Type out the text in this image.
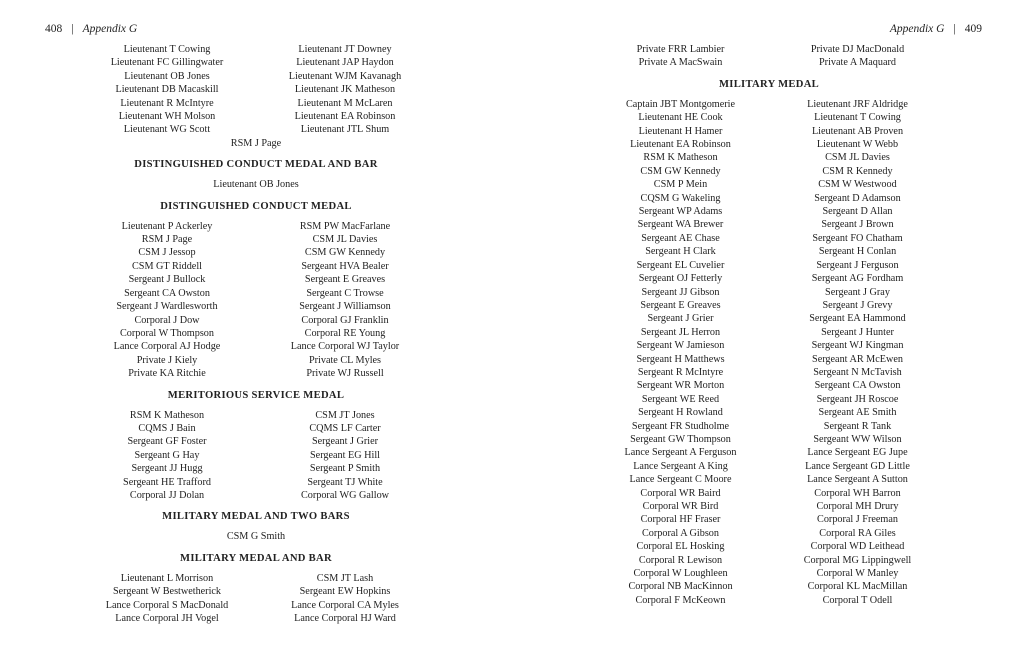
408 | Appendix G
Lieutenant T Cowing	Lieutenant JT Downey
Lieutenant FC Gillingwater	Lieutenant JAP Haydon
Lieutenant OB Jones	Lieutenant WJM Kavanagh
Lieutenant DB Macaskill	Lieutenant JK Matheson
Lieutenant R McIntyre	Lieutenant M McLaren
Lieutenant WH Molson	Lieutenant EA Robinson
Lieutenant WG Scott	Lieutenant JTL Shum
RSM J Page
DISTINGUISHED CONDUCT MEDAL AND BAR
Lieutenant OB Jones
DISTINGUISHED CONDUCT MEDAL
Lieutenant P Ackerley	RSM PW MacFarlane
RSM J Page	CSM JL Davies
CSM J Jessop	CSM GW Kennedy
CSM GT Riddell	Sergeant HVA Bealer
Sergeant J Bullock	Sergeant E Greaves
Sergeant CA Owston	Sergeant C Trowse
Sergeant J Wardlesworth	Sergeant J Williamson
Corporal J Dow	Corporal GJ Franklin
Corporal W Thompson	Corporal RE Young
Lance Corporal AJ Hodge	Lance Corporal WJ Taylor
Private J Kiely	Private CL Myles
Private KA Ritchie	Private WJ Russell
MERITORIOUS SERVICE MEDAL
RSM K Matheson	CSM JT Jones
CQMS J Bain	CQMS LF Carter
Sergeant GF Foster	Sergeant J Grier
Sergeant G Hay	Sergeant EG Hill
Sergeant JJ Hugg	Sergeant P Smith
Sergeant HE Trafford	Sergeant TJ White
Corporal JJ Dolan	Corporal WG Gallow
MILITARY MEDAL AND TWO BARS
CSM G Smith
MILITARY MEDAL AND BAR
Lieutenant L Morrison	CSM JT Lash
Sergeant W Bestwetherick	Sergeant EW Hopkins
Lance Corporal S MacDonald	Lance Corporal CA Myles
Lance Corporal JH Vogel	Lance Corporal HJ Ward
Appendix G | 409
Private FRR Lambier	Private DJ MacDonald
Private A MacSwain	Private A Maquard
MILITARY MEDAL
Captain JBT Montgomerie	Lieutenant JRF Aldridge
Lieutenant HE Cook	Lieutenant T Cowing
Lieutenant H Hamer	Lieutenant AB Proven
Lieutenant EA Robinson	Lieutenant W Webb
RSM K Matheson	CSM JL Davies
CSM GW Kennedy	CSM R Kennedy
CSM P Mein	CSM W Westwood
CQSM G Wakeling	Sergeant D Adamson
Sergeant WP Adams	Sergeant D Allan
Sergeant WA Brewer	Sergeant J Brown
Sergeant AE Chase	Sergeant FO Chatham
Sergeant H Clark	Sergeant H Conlan
Sergeant EL Cuvelier	Sergeant J Ferguson
Sergeant OJ Fetterly	Sergeant AG Fordham
Sergeant JJ Gibson	Sergeant J Gray
Sergeant E Greaves	Sergeant J Grevy
Sergeant J Grier	Sergeant EA Hammond
Sergeant JL Herron	Sergeant J Hunter
Sergeant W Jamieson	Sergeant WJ Kingman
Sergeant H Matthews	Sergeant AR McEwen
Sergeant R McIntyre	Sergeant N McTavish
Sergeant WR Morton	Sergeant CA Owston
Sergeant WE Reed	Sergeant JH Roscoe
Sergeant H Rowland	Sergeant AE Smith
Sergeant FR Studholme	Sergeant R Tank
Sergeant GW Thompson	Sergeant WW Wilson
Lance Sergeant A Ferguson	Lance Sergeant EG Jupe
Lance Sergeant A King	Lance Sergeant GD Little
Lance Sergeant C Moore	Lance Sergeant A Sutton
Corporal WR Baird	Corporal WH Barron
Corporal WR Bird	Corporal MH Drury
Corporal HF Fraser	Corporal J Freeman
Corporal A Gibson	Corporal RA Giles
Corporal EL Hosking	Corporal WD Leithead
Corporal R Lewison	Corporal MG Lippingwell
Corporal W Loughleen	Corporal W Manley
Corporal NB MacKinnon	Corporal KL MacMillan
Corporal F McKeown	Corporal T Odell
